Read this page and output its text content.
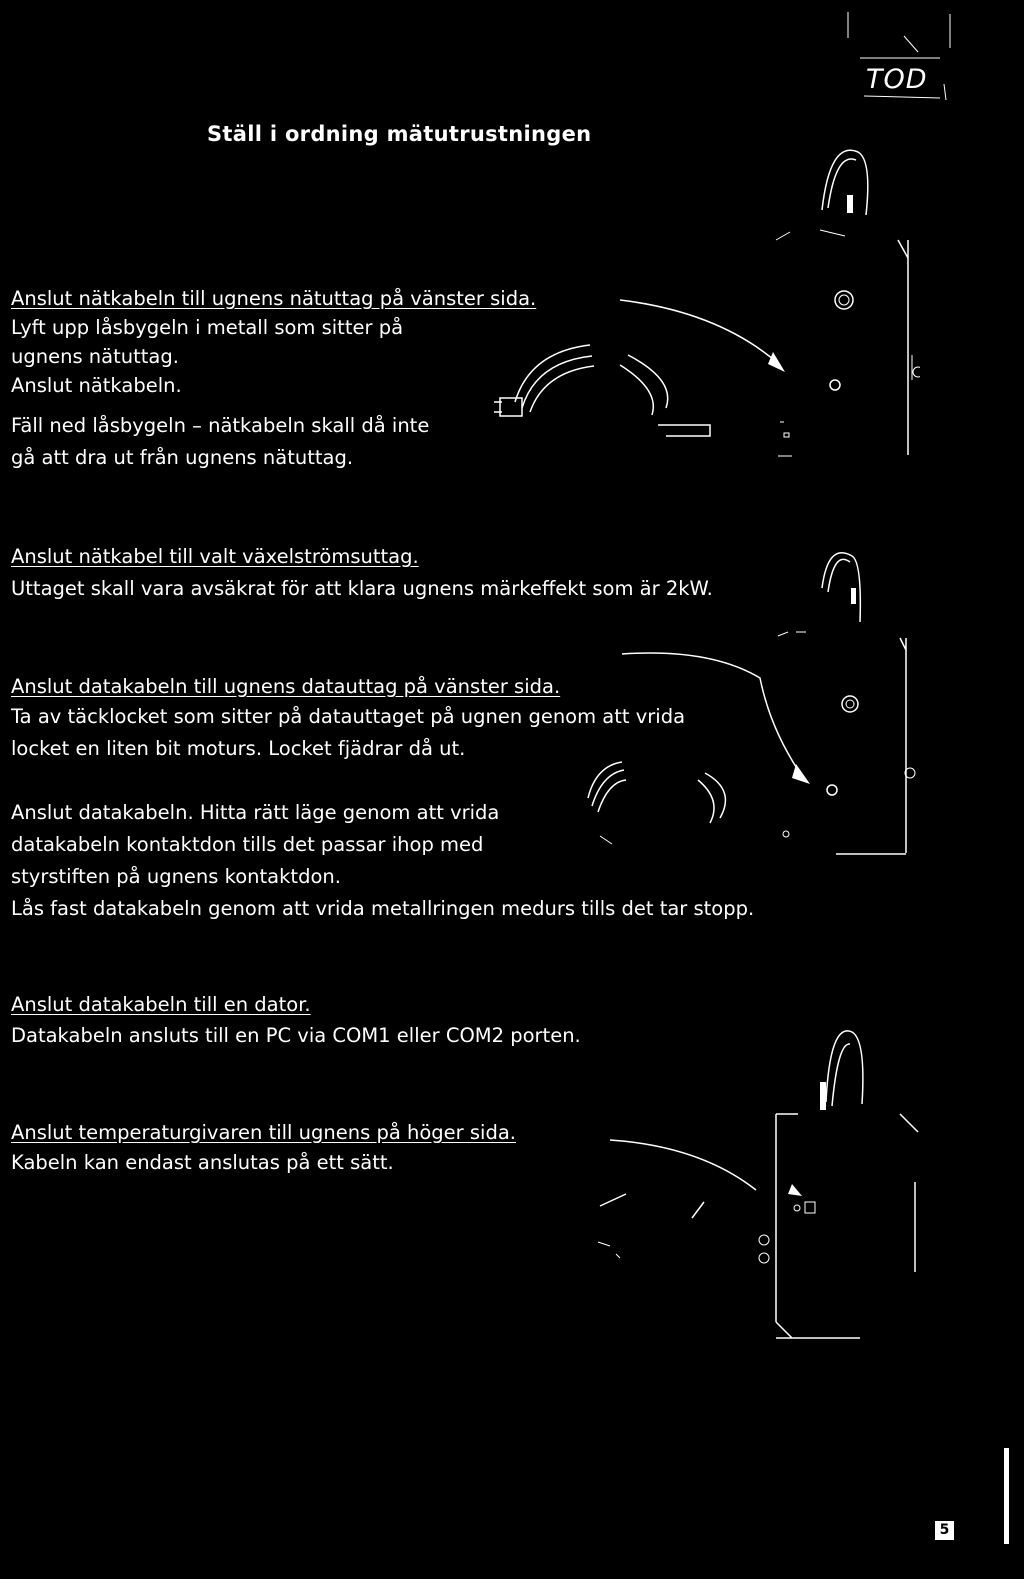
TOD
Ställ i ordning mätutrustningen
Anslut nätkabeln till ugnens nätuttag på vänster sida.
Lyft upp låsbygeln i metall som sitter på
ugnens nätuttag.
Anslut nätkabeln.
Fäll ned låsbygeln – nätkabeln skall då inte
gå att dra ut från ugnens nätuttag.
Anslut nätkabel till valt växelströmsuttag.
Uttaget skall vara avsäkrat för att klara ugnens märkeffekt som är 2kW.
Anslut datakabeln till ugnens datauttag på vänster sida.
Ta av täcklocket som sitter på datauttaget på ugnen genom att vrida
locket en liten bit moturs. Locket fjädrar då ut.
Anslut datakabeln. Hitta rätt läge genom att vrida
datakabeln kontaktdon tills det passar ihop med
styrstiften på ugnens kontaktdon.
Lås fast datakabeln genom att vrida metallringen medurs tills det tar stopp.
Anslut datakabeln till en dator.
Datakabeln ansluts till en PC via COM1 eller COM2 porten.
Anslut temperaturgivaren till ugnens på höger sida.
Kabeln kan endast anslutas på ett sätt.
5
